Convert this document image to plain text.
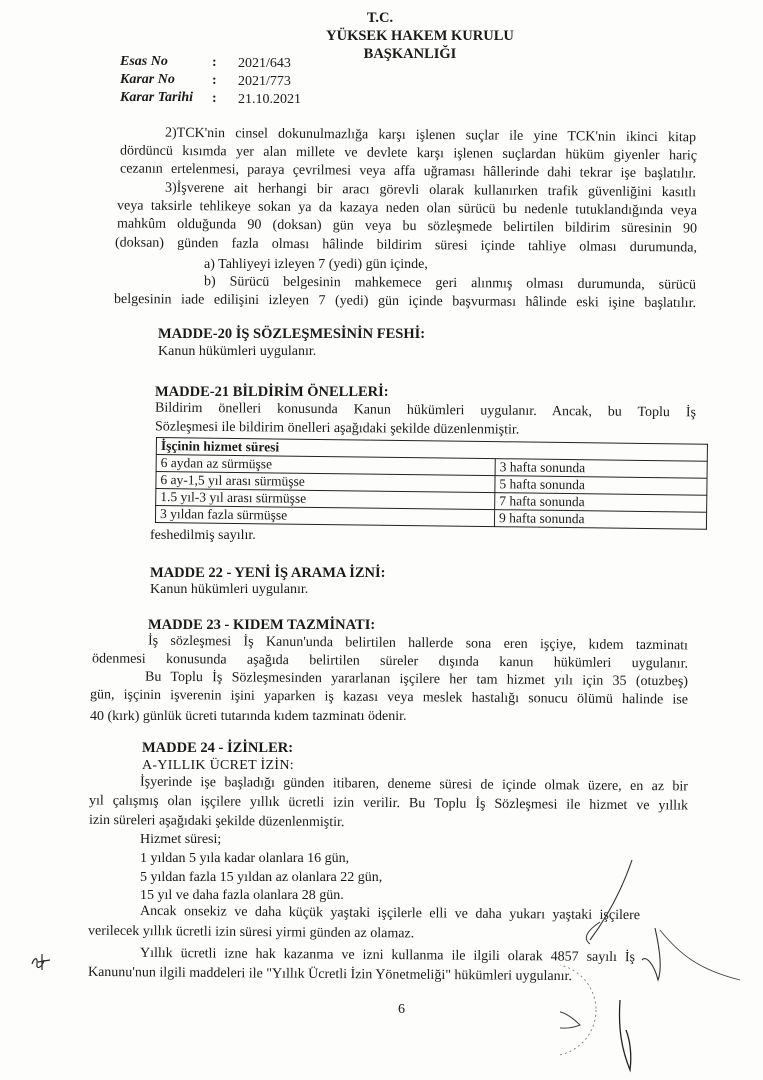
T.C.
YÜKSEK HAKEM KURULU
BAŞKANLIĞI
Esas No	: 2021/643
Karar No	: 2021/773
Karar Tarihi : 21.10.2021
2)TCK'nin cinsel dokunulmazlığa karşı işlenen suçlar ile yine TCK'nin ikinci kitap
dördüncü kısımda yer alan millete ve devlete karşı işlenen suçlardan hüküm giyenler hariç
cezanın ertelenmesi, paraya çevrilmesi veya affa uğraması hâllerinde dahi tekrar işe başlatılır.
3)İşverene ait herhangi bir aracı görevli olarak kullanırken trafik güvenliğini kasıtlı
veya taksirle tehlikeye sokan ya da kazaya neden olan sürücü bu nedenle tutuklandığında veya
mahkûm olduğunda 90 (doksan) gün veya bu sözleşmede belirtilen bildirim süresinin 90
(doksan) günden fazla olması hâlinde bildirim süresi içinde tahliye olması durumunda,
a) Tahliyeyi izleyen 7 (yedi) gün içinde,
b) Sürücü belgesinin mahkemece geri alınmış olması durumunda, sürücü
belgesinin iade edilişini izleyen 7 (yedi) gün içinde başvurması hâlinde eski işine başlatılır.
MADDE-20 İŞ SÖZLEŞMESİNİN FESHİ:
Kanun hükümleri uygulanır.
MADDE-21 BİLDİRİM ÖNELLERİ:
Bildirim önelleri konusunda Kanun hükümleri uygulanır. Ancak, bu Toplu İş
Sözleşmesi ile bildirim önelleri aşağıdaki şekilde düzenlenmiştir.
İşçinin hizmet süresi	
6 aydan az sürmüşse	3 hafta sonunda
6 ay-1,5 yıl arası sürmüşse	5 hafta sonunda
1.5 yıl-3 yıl arası sürmüşse	7 hafta sonunda
3 yıldan fazla sürmüşse	9 hafta sonunda
feshedilmiş sayılır.
MADDE 22 - YENİ İŞ ARAMA İZNİ:
Kanun hükümleri uygulanır.
MADDE 23 - KIDEM TAZMİNATI:
İş sözleşmesi İş Kanun'unda belirtilen hallerde sona eren işçiye, kıdem tazminatı
ödenmesi konusunda aşağıda belirtilen süreler dışında kanun hükümleri uygulanır.
Bu Toplu İş Sözleşmesinden yararlanan işçilere her tam hizmet yılı için 35 (otuzbeş)
gün, işçinin işverenin işini yaparken iş kazası veya meslek hastalığı sonucu ölümü halinde ise
40 (kırk) günlük ücreti tutarında kıdem tazminatı ödenir.
MADDE 24 - İZİNLER:
A-YILLIK ÜCRET İZİN:
İşyerinde işe başladığı günden itibaren, deneme süresi de içinde olmak üzere, en az bir
yıl çalışmış olan işçilere yıllık ücretli izin verilir. Bu Toplu İş Sözleşmesi ile hizmet ve yıllık
izin süreleri aşağıdaki şekilde düzenlenmiştir.
Hizmet süresi;
1 yıldan 5 yıla kadar olanlara 16 gün,
5 yıldan fazla 15 yıldan az olanlara 22 gün,
15 yıl ve daha fazla olanlara 28 gün.
Ancak onsekiz ve daha küçük yaştaki işçilerle elli ve daha yukarı yaştaki işçilere
verilecek yıllık ücretli izin süresi yirmi günden az olamaz.
Yıllık ücretli izne hak kazanma ve izni kullanma ile ilgili olarak 4857 sayılı İş
Kanunu'nun ilgili maddeleri ile "Yıllık Ücretli İzin Yönetmeliği" hükümleri uygulanır.
6
